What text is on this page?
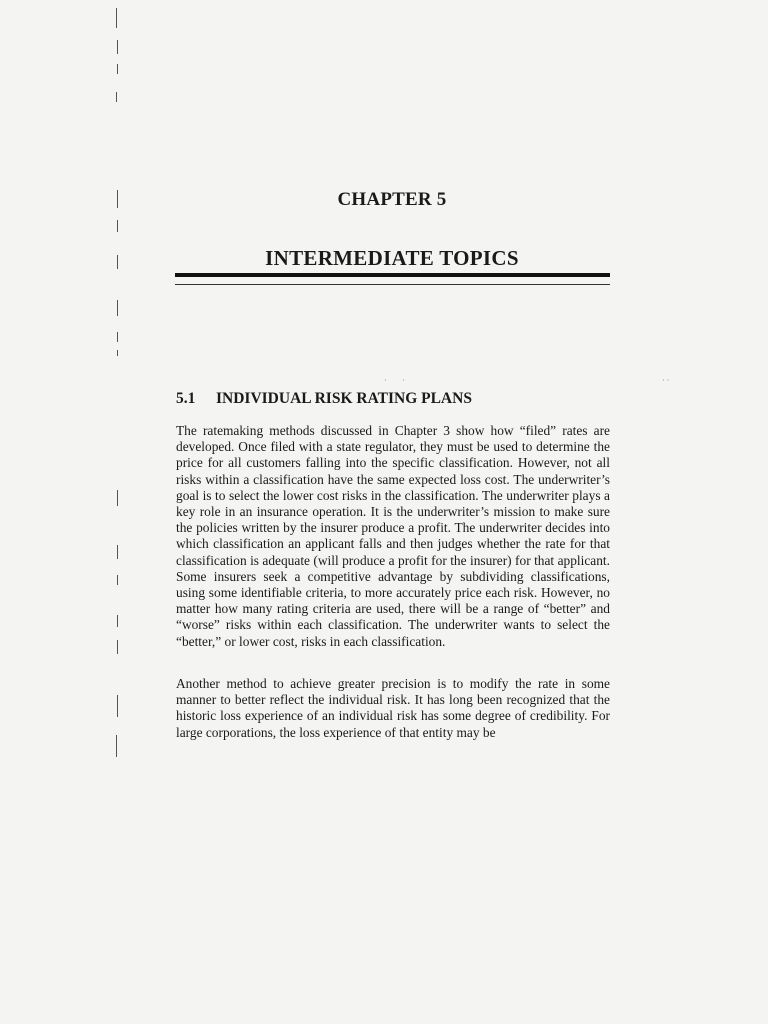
· ·	· ·
CHAPTER 5
INTERMEDIATE TOPICS
5.1 INDIVIDUAL RISK RATING PLANS

The ratemaking methods discussed in Chapter 3 show how “filed” rates are developed. Once filed with a state regulator, they must be used to determine the price for all customers falling into the specific classification. However, not all risks within a classification have the same expected loss cost. The underwriter’s goal is to select the lower cost risks in the classification. The underwriter plays a key role in an insurance operation. It is the underwriter’s mission to make sure the policies written by the insurer produce a profit. The underwriter decides into which classification an applicant falls and then judges whether the rate for that classification is adequate (will produce a profit for the insurer) for that applicant. Some insurers seek a competitive advantage by subdividing classifications, using some identifiable criteria, to more accurately price each risk. However, no matter how many rating criteria are used, there will be a range of “better” and “worse” risks within each classification. The underwriter wants to select the “better,” or lower cost, risks in each classification.

Another method to achieve greater precision is to modify the rate in some manner to better reflect the individual risk. It has long been recognized that the historic loss experience of an individual risk has some degree of credibility. For large corporations, the loss experience of that entity may be
